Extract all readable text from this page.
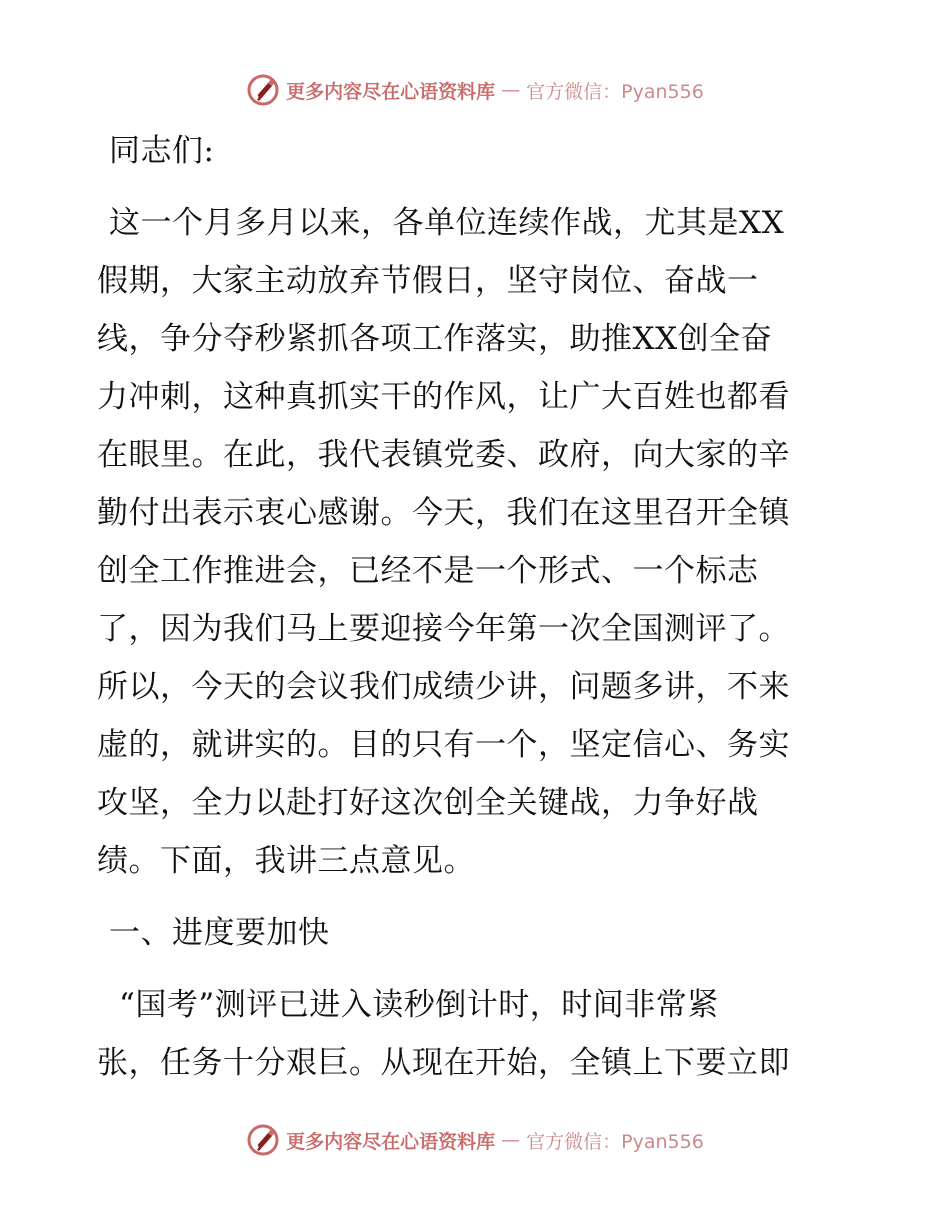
更多内容尽在心语资料库 — 官方微信：Pyan556
同志们:
这一个月多月以来，各单位连续作战，尤其是XX
假期，大家主动放弃节假日，坚守岗位、奋战一
线，争分夺秒紧抓各项工作落实，助推XX创全奋
力冲刺，这种真抓实干的作风，让广大百姓也都看
在眼里。在此，我代表镇党委、政府，向大家的辛
勤付出表示衷心感谢。今天，我们在这里召开全镇
创全工作推进会，已经不是一个形式、一个标志
了，因为我们马上要迎接今年第一次全国测评了。
所以，今天的会议我们成绩少讲，问题多讲，不来
虚的，就讲实的。目的只有一个，坚定信心、务实
攻坚，全力以赴打好这次创全关键战，力争好战
绩。下面，我讲三点意见。
一、进度要加快
“国考”测评已进入读秒倒计时，时间非常紧
张，任务十分艰巨。从现在开始，全镇上下要立即
更多内容尽在心语资料库 — 官方微信：Pyan556
